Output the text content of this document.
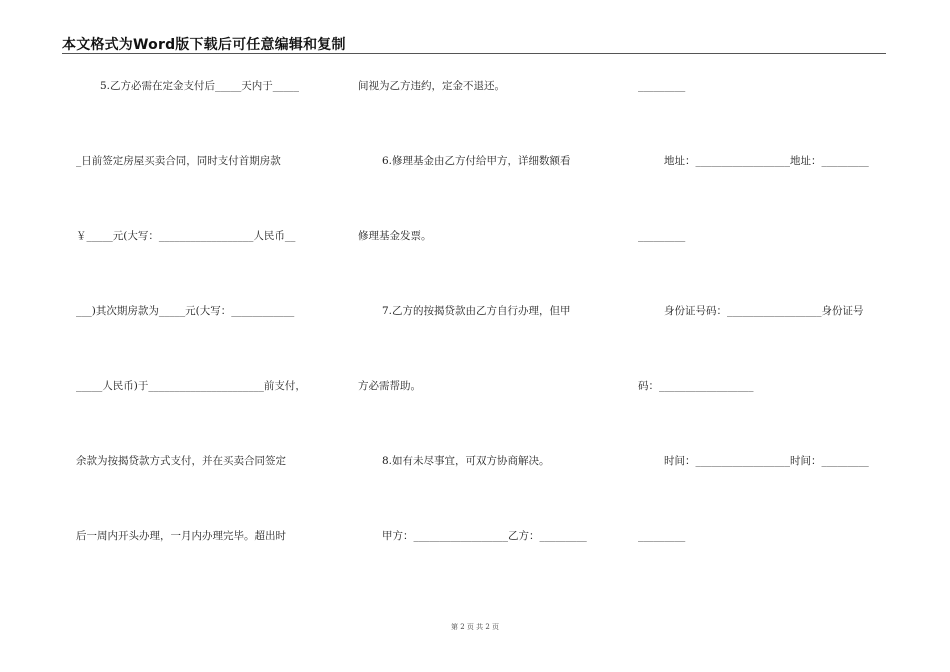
本文格式为Word版下载后可任意编辑和复制
5.乙方必需在定金支付后_____天内于_____
_日前签定房屋买卖合同，同时支付首期房款
￥_____元(大写：__________________人民币__
___)其次期房款为_____元(大写：____________
_____人民币)于______________________前支付，
余款为按揭贷款方式支付，并在买卖合同签定
后一周内开头办理，一月内办理完毕。超出时
间视为乙方违约，定金不退还。
6.修理基金由乙方付给甲方，详细数额看
修理基金发票。
7.乙方的按揭贷款由乙方自行办理，但甲
方必需帮助。
8.如有未尽事宜，可双方协商解决。
甲方：__________________乙方：_________
_________
地址：__________________地址：_________
_________
身份证号码：__________________身份证号
码：__________________
时间：__________________时间：_________
_________
第 2 页 共 2 页
